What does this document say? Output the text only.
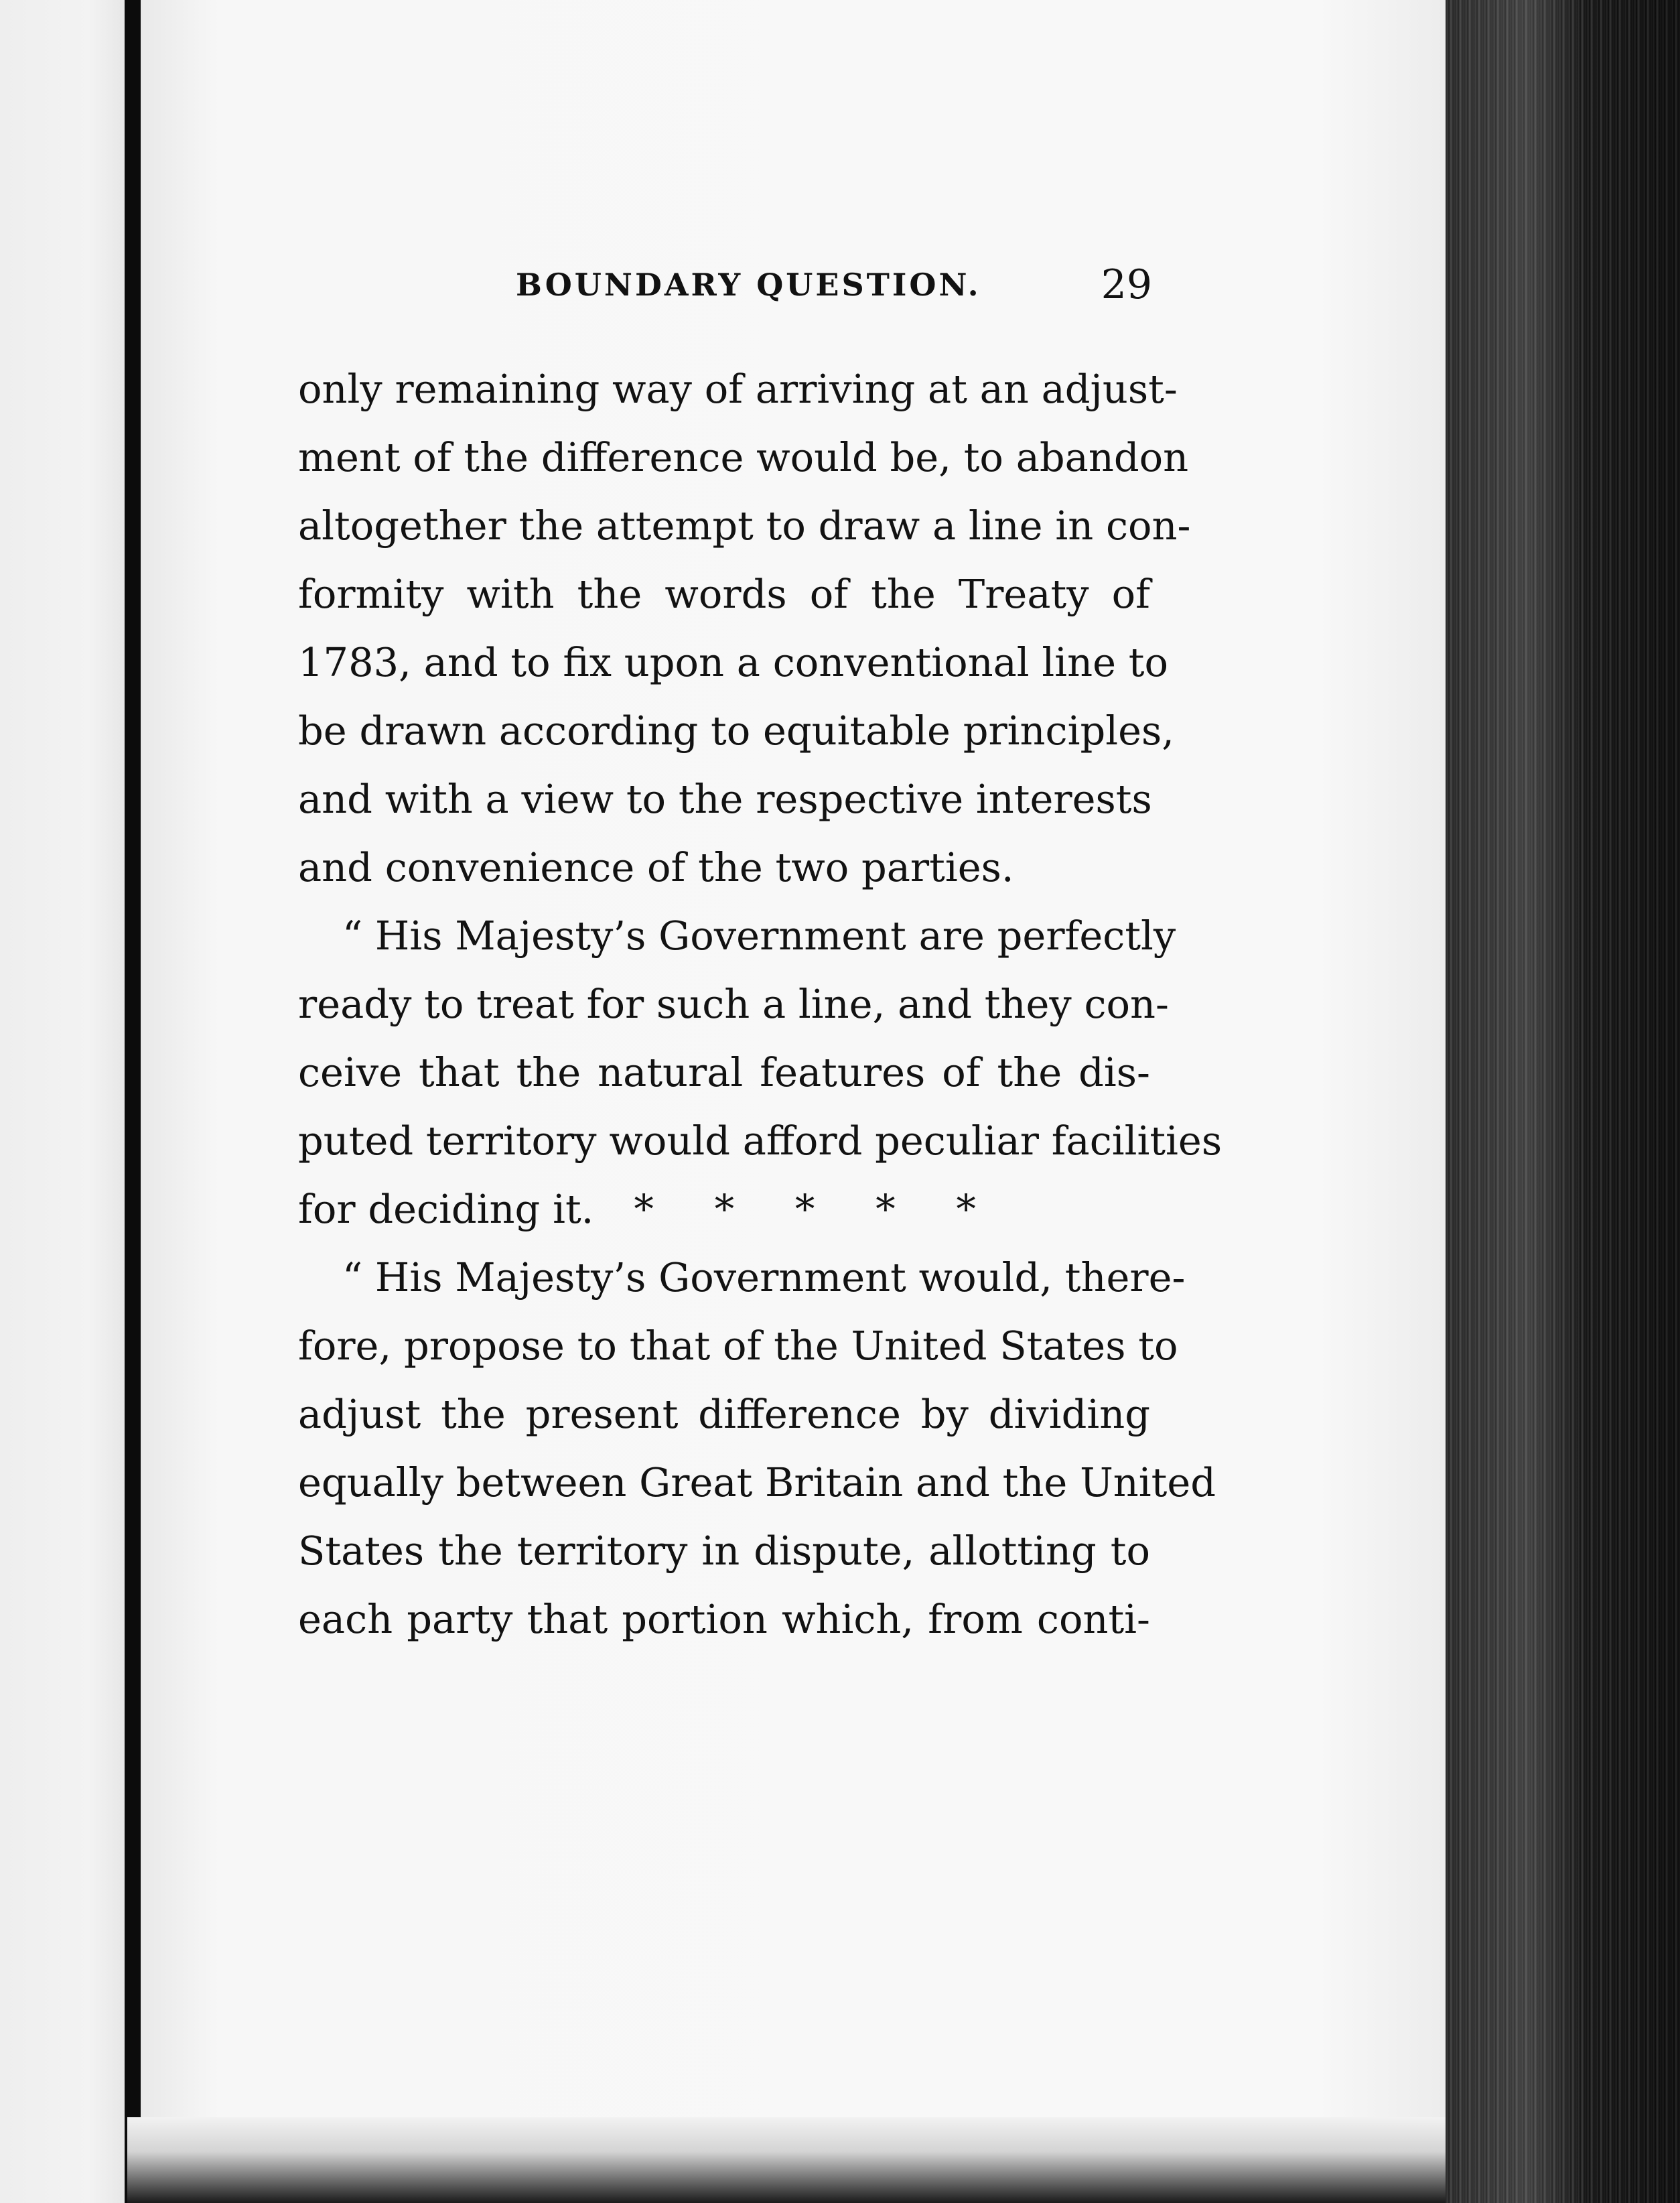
BOUNDARY QUESTION.	29
only remaining way of arriving at an adjust-
ment of the difference would be, to abandon
altogether the attempt to draw a line in con-
formity with the words of the Treaty of
1783, and to fix upon a conventional line to
be drawn according to equitable principles,
and with a view to the respective interests
and convenience of the two parties.
“ His Majesty’s Government are perfectly
ready to treat for such a line, and they con-
ceive that the natural features of the dis-
puted territory would afford peculiar facilities
for deciding it. * * * * *
“ His Majesty’s Government would, there-
fore, propose to that of the United States to
adjust the present difference by dividing
equally between Great Britain and the United
States the territory in dispute, allotting to
each party that portion which, from conti-
